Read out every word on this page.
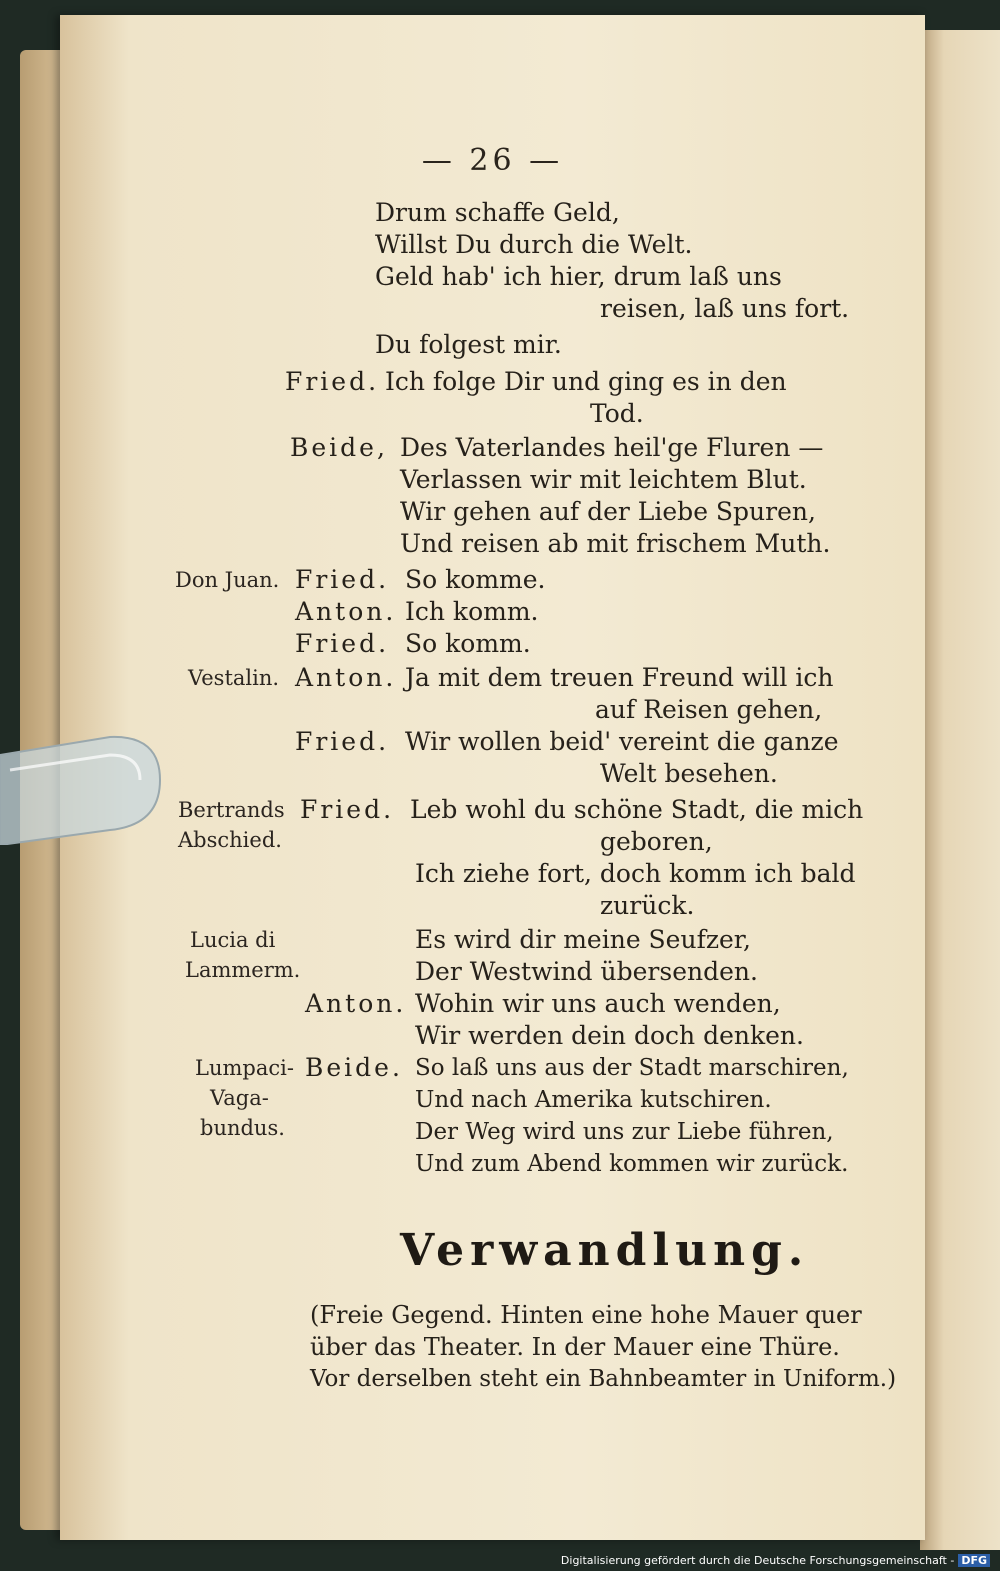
— 26 —
Drum schaffe Geld,
Willst Du durch die Welt.
Geld hab' ich hier, drum laß uns
reisen, laß uns fort.
Du folgest mir.
Fried. Ich folge Dir und ging es in den
Tod.
Beide, Des Vaterlandes heil'ge Fluren —
Verlassen wir mit leichtem Blut.
Wir gehen auf der Liebe Spuren,
Und reisen ab mit frischem Muth.
Don Juan. Fried. So komme.
Anton. Ich komm.
Fried. So komm.
Vestalin. Anton. Ja mit dem treuen Freund will ich
auf Reisen gehen,
Fried. Wir wollen beid' vereint die ganze
Welt besehen.
Bertrands
Abschied.
Fried. Leb wohl du schöne Stadt, die mich
geboren,
Ich ziehe fort, doch komm ich bald
zurück.
Lucia di
Lammerm.
Es wird dir meine Seufzer,
Der Westwind übersenden.
Anton. Wohin wir uns auch wenden,
Wir werden dein doch denken.
Lumpaci-
Vaga-
bundus.
Beide. So laß uns aus der Stadt marschiren,
Und nach Amerika kutschiren.
Der Weg wird uns zur Liebe führen,
Und zum Abend kommen wir zurück.
Verwandlung.
(Freie Gegend. Hinten eine hohe Mauer quer
über das Theater. In der Mauer eine Thüre.
Vor derselben steht ein Bahnbeamter in Uniform.)
Digitalisierung gefördert durch die Deutsche Forschungsgemeinschaft - DFG
